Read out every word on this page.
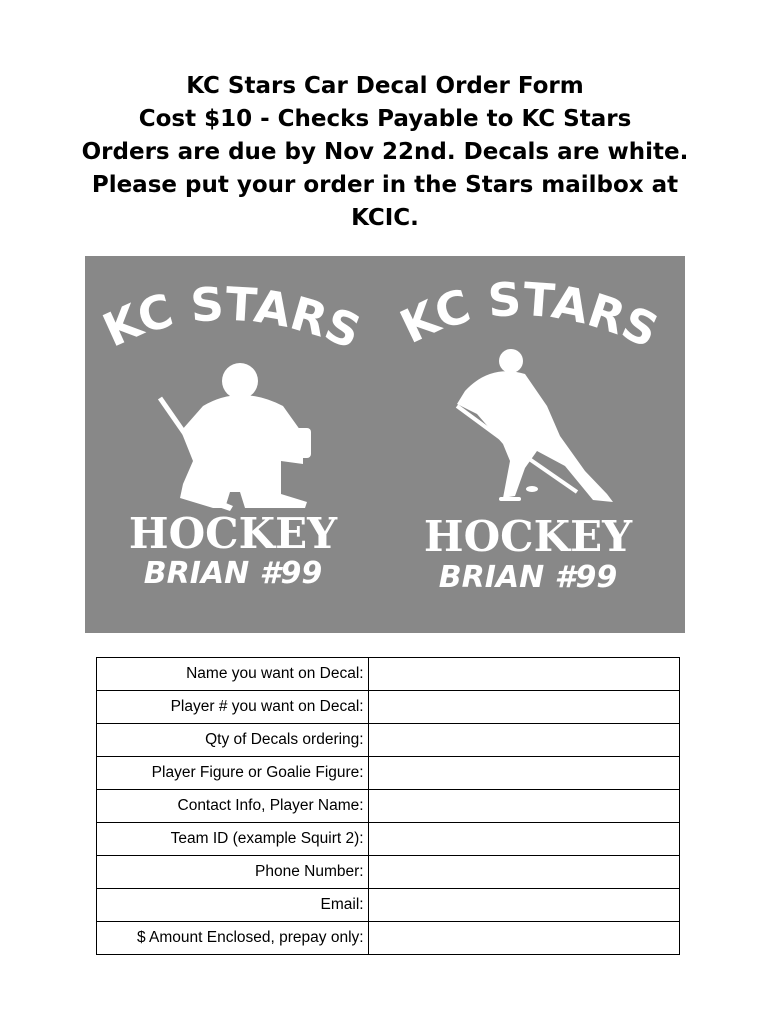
KC Stars Car Decal Order Form
Cost $10 - Checks Payable to KC Stars
Orders are due by Nov 22nd. Decals are white.
Please put your order in the Stars mailbox at
KCIC.
KC STARS
HOCKEY
BRIAN #99
KC STARS
HOCKEY
BRIAN #99
Name you want on Decal:	
Player # you want on Decal:	
Qty of Decals ordering:	
Player Figure or Goalie Figure:	
Contact Info, Player Name:	
Team ID (example Squirt 2):	
Phone Number:	
Email:	
$ Amount Enclosed, prepay only:	
